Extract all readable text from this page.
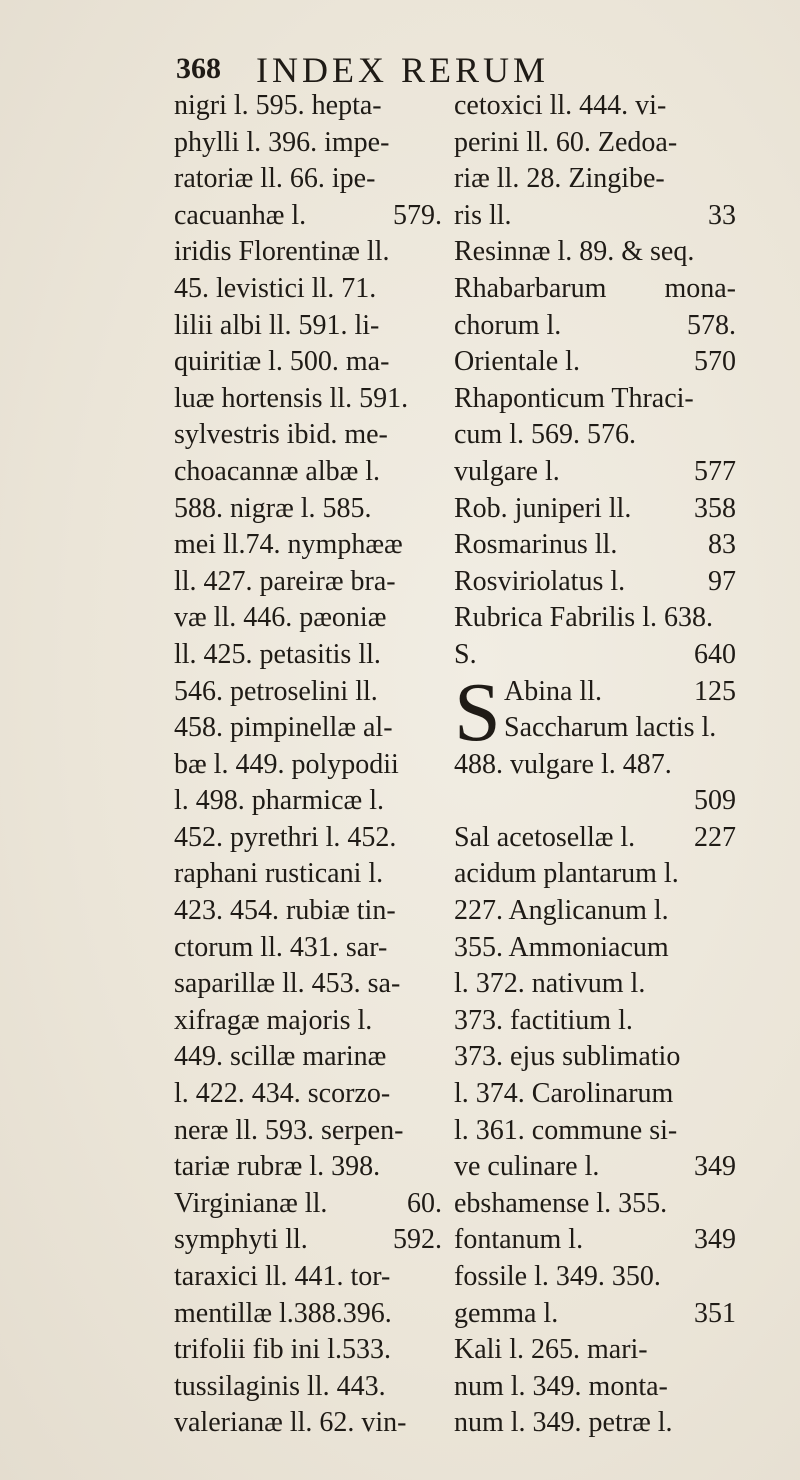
368 INDEX RERUM
nigri l. 595. hepta-
phylli l. 396. impe-
ratoriæ ll. 66. ipe-
cacuanhæ l.	579.
iridis Florentinæ ll.
45. levistici ll. 71.
lilii albi ll. 591. li-
quiritiæ l. 500. ma-
luæ hortensis ll. 591.
sylvestris ibid. me-
choacannæ albæ l.
588. nigræ l. 585.
mei ll.74. nymphææ
ll. 427. pareiræ bra-
væ ll. 446. pæoniæ
ll. 425. petasitis ll.
546. petroselini ll.
458. pimpinellæ al-
bæ l. 449. polypodii
l. 498. pharmicæ l.
452. pyrethri l. 452.
raphani rusticani l.
423. 454. rubiæ tin-
ctorum ll. 431. sar-
saparillæ ll. 453. sa-
xifragæ majoris l.
449. scillæ marinæ
l. 422. 434. scorzo-
neræ ll. 593. serpen-
tariæ rubræ l. 398.
Virginianæ ll.	60.
symphyti ll.	592.
taraxici ll. 441. tor-
mentillæ l.388.396.
trifolii fib ini l.533.
tussilaginis ll. 443.
valerianæ ll. 62. vin-
cetoxici ll. 444. vi-
perini ll. 60. Zedoa-
riæ ll. 28. Zingibe-
ris ll.	33
Resinnæ l. 89. & seq.
Rhabarbarum mona-
chorum l.	578.
Orientale l.	570
Rhaponticum Thraci-
cum l. 569. 576.
vulgare l.	577
Rob. juniperi ll. 358
Rosmarinus ll.	83
Rosviriolatus l.	97
Rubrica Fabrilis l. 638.
S.	640
S Abina ll.	125
Saccharum lactis l.
488. vulgare l. 487.
509
Sal acetosellæ l. 227
acidum plantarum l.
227. Anglicanum l.
355. Ammoniacum
l. 372. nativum l.
373. factitium l.
373. ejus sublimatio
l. 374. Carolinarum
l. 361. commune si-
ve culinare l.	349
ebshamense l. 355.
fontanum l.	349
fossile l. 349. 350.
gemma l.	351
Kali l. 265. mari-
num l. 349. monta-
num l. 349. petræ l.
